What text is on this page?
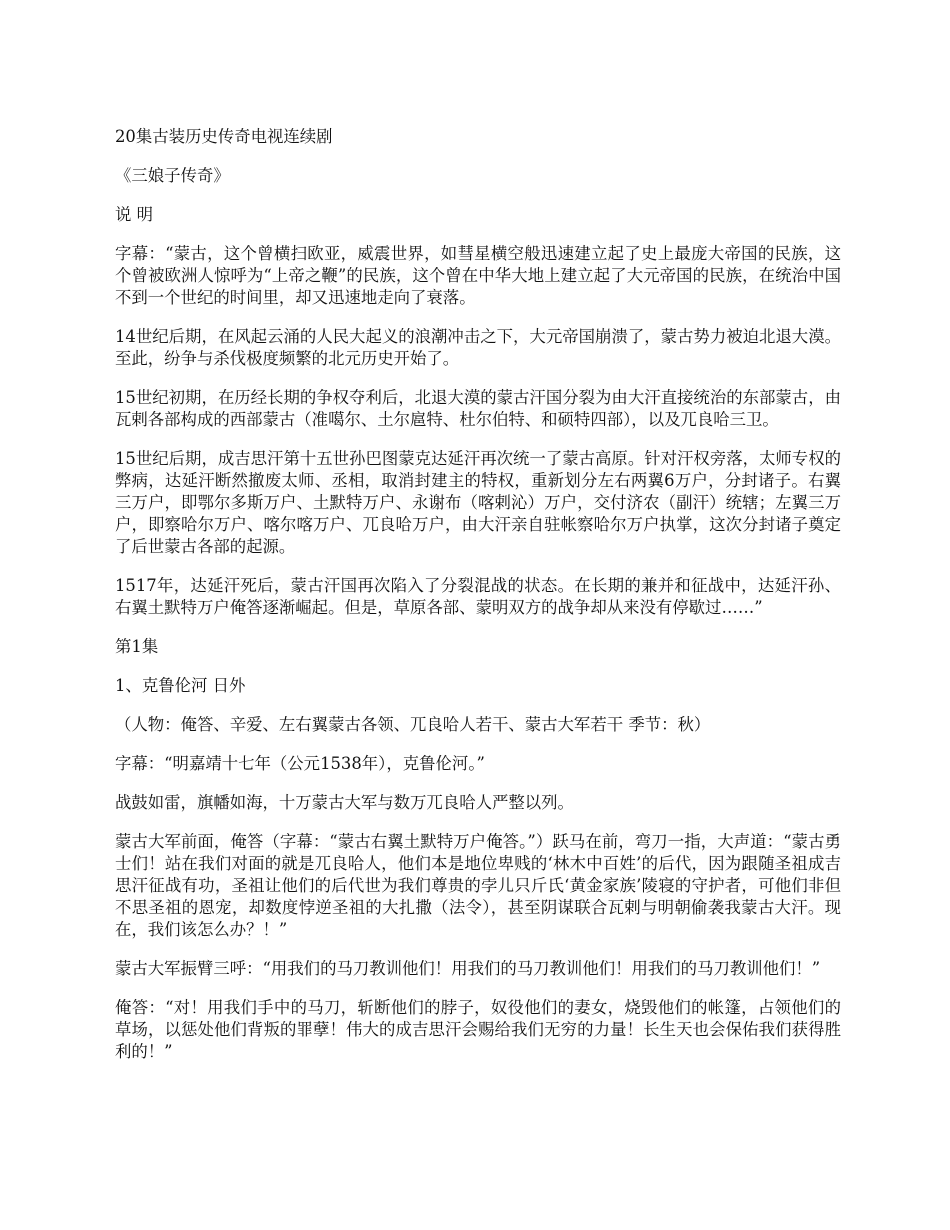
20集古装历史传奇电视连续剧

《三娘子传奇》

说 明

字幕：“蒙古，这个曾横扫欧亚，威震世界，如彗星横空般迅速建立起了史上最庞大帝国的民族，这个曾被欧洲人惊呼为“上帝之鞭”的民族，这个曾在中华大地上建立起了大元帝国的民族，在统治中国不到一个世纪的时间里，却又迅速地走向了衰落。

14世纪后期，在风起云涌的人民大起义的浪潮冲击之下，大元帝国崩溃了，蒙古势力被迫北退大漠。至此，纷争与杀伐极度频繁的北元历史开始了。

15世纪初期，在历经长期的争权夺利后，北退大漠的蒙古汗国分裂为由大汗直接统治的东部蒙古，由瓦剌各部构成的西部蒙古（准噶尔、土尔扈特、杜尔伯特、和硕特四部），以及兀良哈三卫。

15世纪后期，成吉思汗第十五世孙巴图蒙克达延汗再次统一了蒙古高原。针对汗权旁落，太师专权的弊病，达延汗断然撤废太师、丞相，取消封建主的特权，重新划分左右两翼6万户，分封诸子。右翼三万户，即鄂尔多斯万户、土默特万户、永谢布（喀剌沁）万户，交付济农（副汗）统辖；左翼三万户，即察哈尔万户、喀尔喀万户、兀良哈万户，由大汗亲自驻帐察哈尔万户执掌，这次分封诸子奠定了后世蒙古各部的起源。

1517年，达延汗死后，蒙古汗国再次陷入了分裂混战的状态。在长期的兼并和征战中，达延汗孙、右翼土默特万户俺答逐渐崛起。但是，草原各部、蒙明双方的战争却从来没有停歇过……”

第1集

1、克鲁伦河 日外

（人物：俺答、辛爱、左右翼蒙古各领、兀良哈人若干、蒙古大军若干 季节：秋）

字幕：“明嘉靖十七年（公元1538年），克鲁伦河。”

战鼓如雷，旗幡如海，十万蒙古大军与数万兀良哈人严整以列。

蒙古大军前面，俺答（字幕：“蒙古右翼土默特万户俺答。”）跃马在前，弯刀一指，大声道：“蒙古勇士们！站在我们对面的就是兀良哈人，他们本是地位卑贱的‘林木中百姓’的后代，因为跟随圣祖成吉思汗征战有功，圣祖让他们的后代世为我们尊贵的孛儿只斤氏‘黄金家族’陵寝的守护者，可他们非但不思圣祖的恩宠，却数度悖逆圣祖的大扎撒（法令），甚至阴谋联合瓦剌与明朝偷袭我蒙古大汗。现在，我们该怎么办？！”

蒙古大军振臂三呼：“用我们的马刀教训他们！用我们的马刀教训他们！用我们的马刀教训他们！”

俺答：“对！用我们手中的马刀，斩断他们的脖子，奴役他们的妻女，烧毁他们的帐篷，占领他们的草场，以惩处他们背叛的罪孽！伟大的成吉思汗会赐给我们无穷的力量！长生天也会保佑我们获得胜利的！”
